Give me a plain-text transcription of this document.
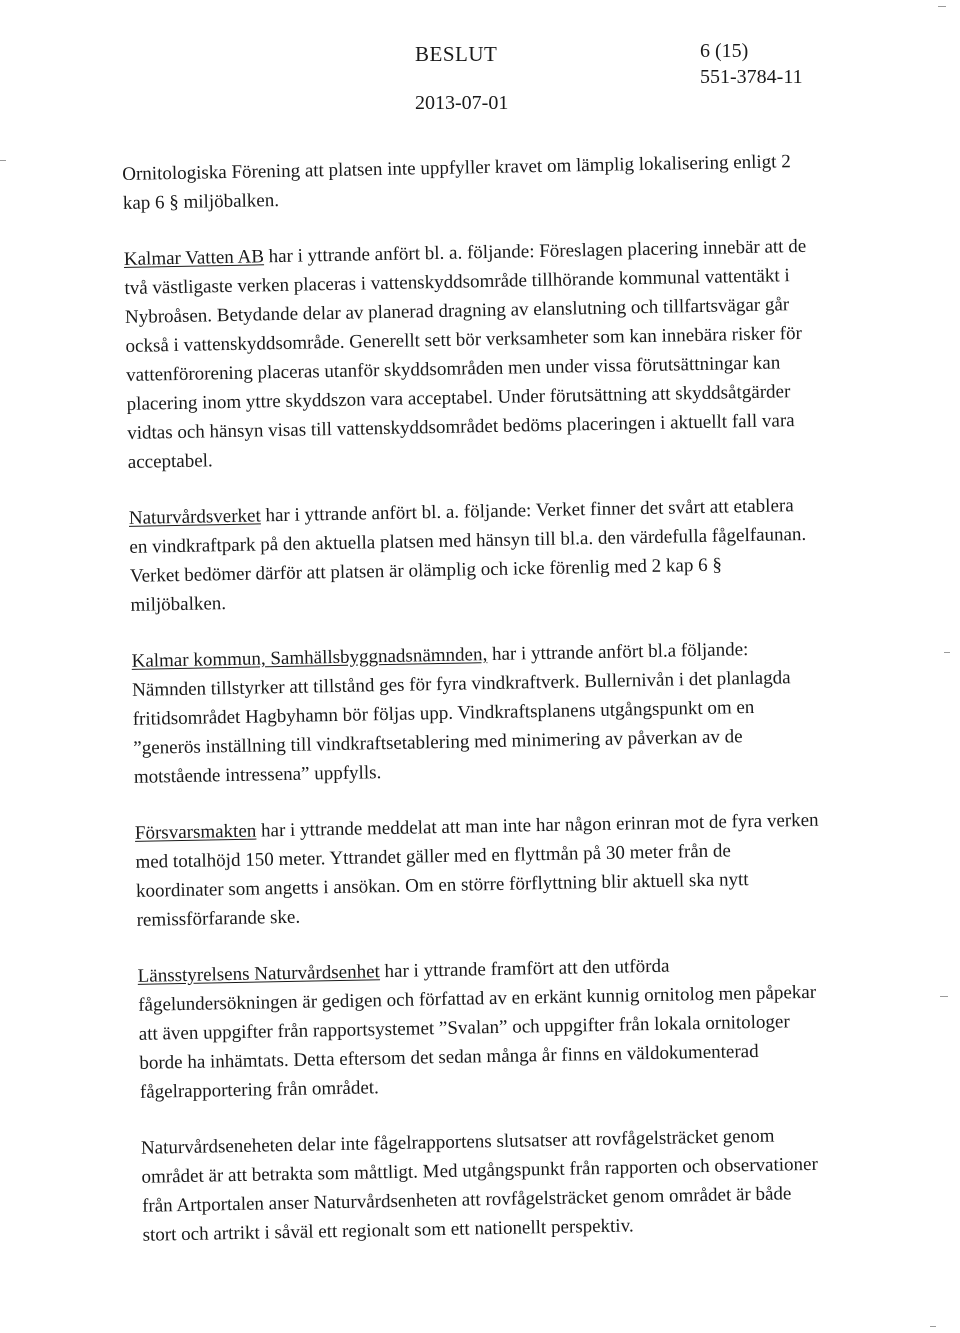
BESLUT	6 (15)
551-3784-11
2013-07-01

Ornitologiska Förening att platsen inte uppfyller kravet om lämplig lokalisering enligt 2
kap 6 § miljöbalken.

Kalmar Vatten AB har i yttrande anfört bl. a. följande: Föreslagen placering innebär att de
två västligaste verken placeras i vattenskyddsområde tillhörande kommunal vattentäkt i
Nybroåsen. Betydande delar av planerad dragning av elanslutning och tillfartsvägar går
också i vattenskyddsområde. Generellt sett bör verksamheter som kan innebära risker för
vattenförorening placeras utanför skyddsområden men under vissa förutsättningar kan
placering inom yttre skyddszon vara acceptabel. Under förutsättning att skyddsåtgärder
vidtas och hänsyn visas till vattenskyddsområdet bedöms placeringen i aktuellt fall vara
acceptabel.

Naturvårdsverket har i yttrande anfört bl. a. följande: Verket finner det svårt att etablera
en vindkraftpark på den aktuella platsen med hänsyn till bl.a. den värdefulla fågelfaunan.
Verket bedömer därför att platsen är olämplig och icke förenlig med 2 kap 6 §
miljöbalken.

Kalmar kommun, Samhällsbyggnadsnämnden, har i yttrande anfört bl.a följande:
Nämnden tillstyrker att tillstånd ges för fyra vindkraftverk. Bullernivån i det planlagda
fritidsområdet Hagbyhamn bör följas upp. Vindkraftsplanens utgångspunkt om en
”generös inställning till vindkraftsetablering med minimering av påverkan av de
motstående intressena” uppfylls.

Försvarsmakten har i yttrande meddelat att man inte har någon erinran mot de fyra verken
med totalhöjd 150 meter. Yttrandet gäller med en flyttmån på 30 meter från de
koordinater som angetts i ansökan. Om en större förflyttning blir aktuell ska nytt
remissförfarande ske.

Länsstyrelsens Naturvårdsenhet har i yttrande framfört att den utförda
fågelundersökningen är gedigen och författad av en erkänt kunnig ornitolog men påpekar
att även uppgifter från rapportsystemet ”Svalan” och uppgifter från lokala ornitologer
borde ha inhämtats. Detta eftersom det sedan många år finns en väldokumenterad
fågelrapportering från området.

Naturvårdseneheten delar inte fågelrapportens slutsatser att rovfågelsträcket genom
området är att betrakta som måttligt. Med utgångspunkt från rapporten och observationer
från Artportalen anser Naturvårdsenheten att rovfågelsträcket genom området är både
stort och artrikt i såväl ett regionalt som ett nationellt perspektiv.
